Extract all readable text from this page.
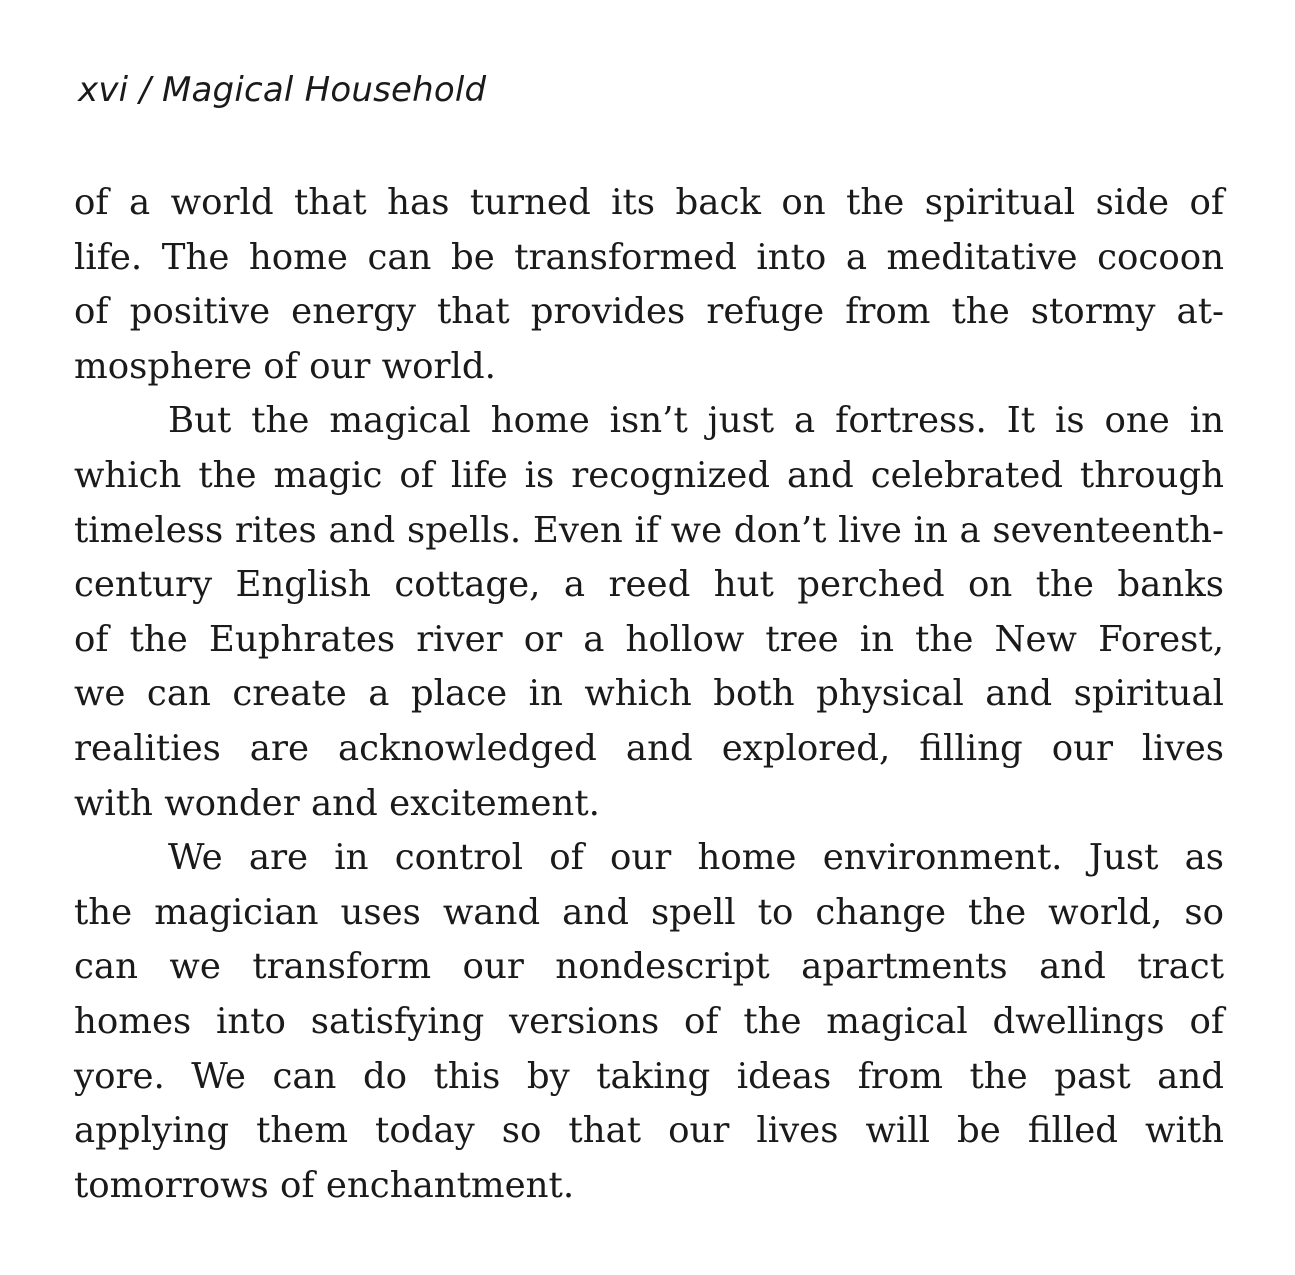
xvi / Magical Household
of a world that has turned its back on the spiritual side of
life. The home can be transformed into a meditative cocoon
of positive energy that provides refuge from the stormy at-
mosphere of our world.
But the magical home isn’t just a fortress. It is one in
which the magic of life is recognized and celebrated through
timeless rites and spells. Even if we don’t live in a seventeenth-
century English cottage, a reed hut perched on the banks
of the Euphrates river or a hollow tree in the New Forest,
we can create a place in which both physical and spiritual
realities are acknowledged and explored, filling our lives
with wonder and excitement.
We are in control of our home environment. Just as
the magician uses wand and spell to change the world, so
can we transform our nondescript apartments and tract
homes into satisfying versions of the magical dwellings of
yore. We can do this by taking ideas from the past and
applying them today so that our lives will be filled with
tomorrows of enchantment.
